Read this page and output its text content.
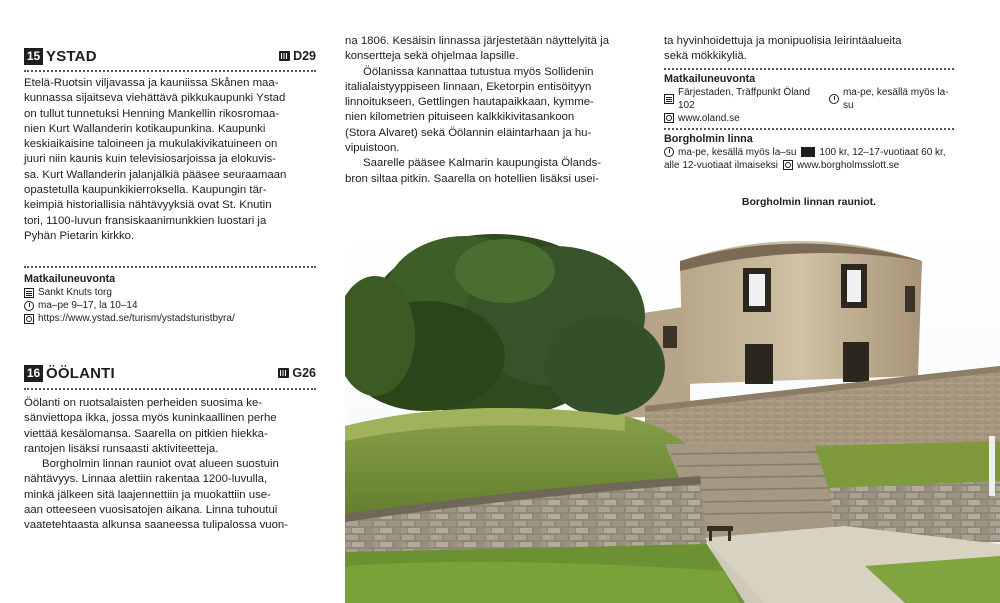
15 YSTAD	D29
Etelä-Ruotsin viljavassa ja kauniissa Skånen maa-
kunnassa sijaitseva viehättävä pikkukaupunki Ystad
on tullut tunnetuksi Henning Mankellin rikosromaa-
nien Kurt Wallanderin kotikaupunkina. Kaupunki
keskiaikaisine taloineen ja mukulakivikatuineen on
juuri niin kaunis kuin televisiosarjoissa ja elokuvis-
sa. Kurt Wallanderin jalanjälkiä pääsee seuraamaan
opastetulla kaupunkikierroksella. Kaupungin tär-
keimpiä historiallisia nähtävyyksiä ovat St. Knutin
tori, 1100-luvun fransiskaanimunkkien luostari ja
Pyhän Pietarin kirkko.
Matkailuneuvonta
Sankt Knuts torg
ma–pe 9–17, la 10–14
https://www.ystad.se/turism/ystadsturistbyra/
16 ÖÖLANTI	G26
Öölanti on ruotsalaisten perheiden suosima ke-
sänviettopa ikka, jossa myös kuninkaallinen perhe
viettää kesälomansa. Saarella on pitkien hiekka-
rantojen lisäksi runsaasti aktiviteetteja.
Borgholmin linnan rauniot ovat alueen suostuin
nähtävyys. Linnaa alettiin rakentaa 1200-luvulla,
minkä jälkeen sitä laajennettiin ja muokattiin use-
aan otteeseen vuosisatojen aikana. Linna tuhoutui
vaatetehtaasta alkunsa saaneessa tulipalossa vuon-
na 1806. Kesäisin linnassa järjestetään näyttelyitä ja
konsertteja sekä ohjelmaa lapsille.
Öölanissa kannattaa tutustua myös Sollidenin
italialaistyyppiseen linnaan, Eketorpin entisöityyn
linnoitukseen, Gettlingen hautapaikkaan, kymme-
nien kilometrien pituiseen kalkkikivitasankoon
(Stora Alvaret) sekä Öölannin eläintarhaan ja hu-
vipuistoon.
Saarelle pääsee Kalmarin kaupungista Ölands-
bron siltaa pitkin. Saarella on hotellien lisäksi usei-
ta hyvinhoidettuja ja monipuolisia leirintäalueita
sekä mökkikyliä.
Matkailuneuvonta
Färjestaden, Träffpunkt Öland 102
ma-pe, kesällä myös la-su
www.oland.se
Borgholmin linna
ma-pe, kesällä myös la–su 100 kr, 12–17-vuotiaat 60 kr,
alle 12-vuotiaat ilmaiseksi www.borgholmsslott.se
Borgholmin linnan rauniot.
